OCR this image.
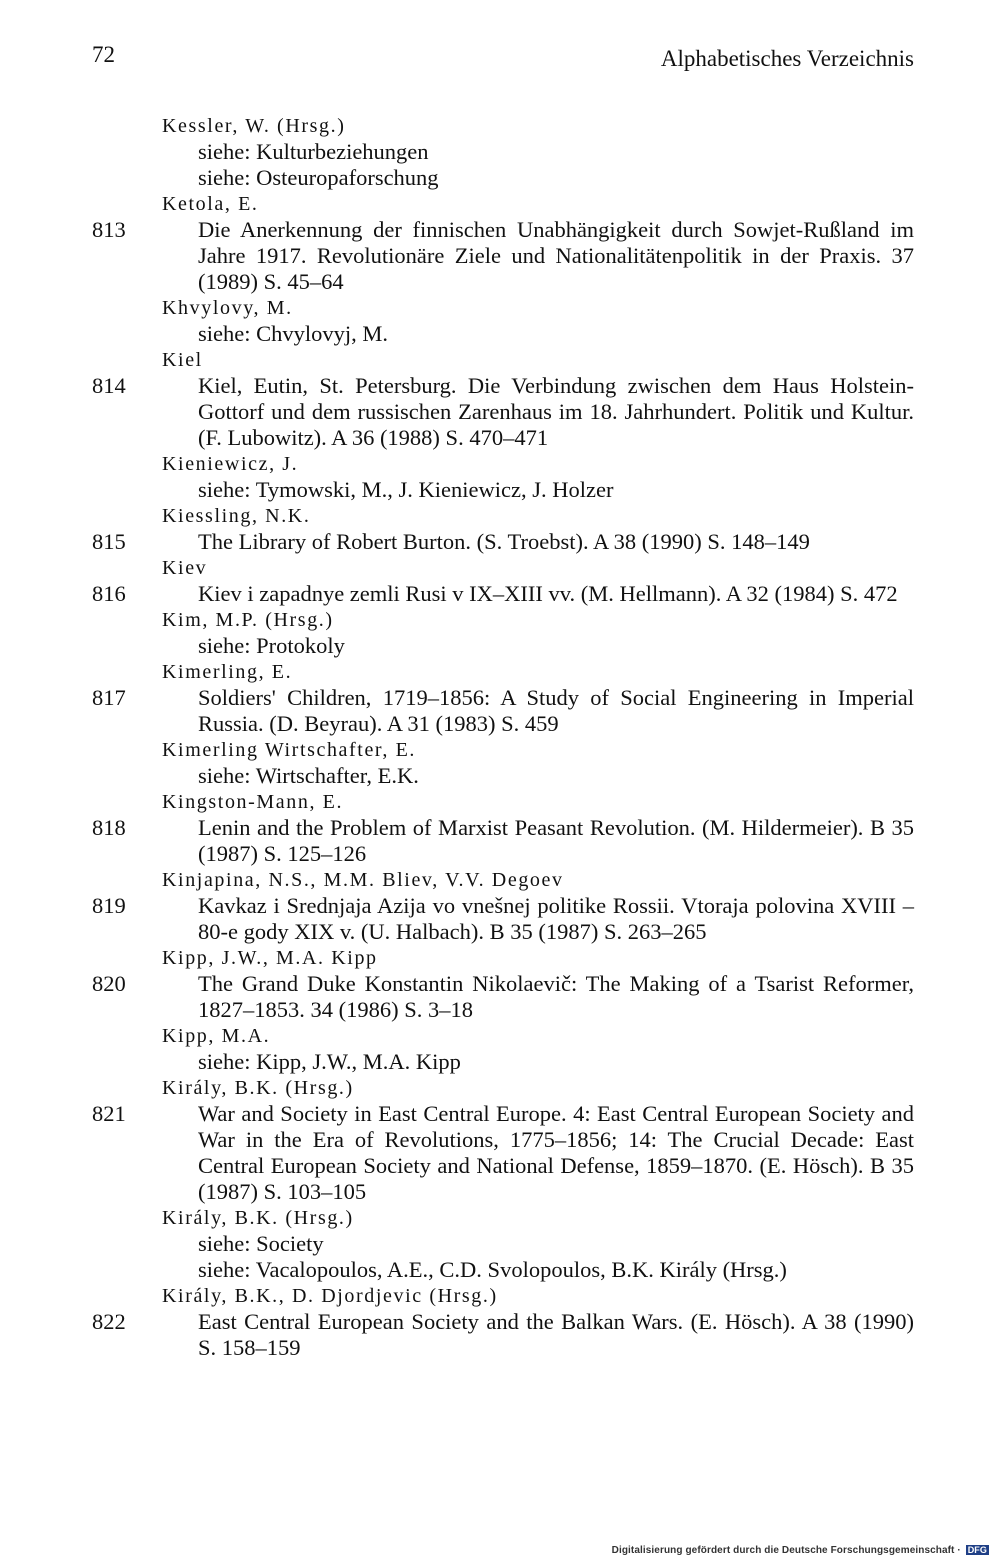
72	Alphabetisches Verzeichnis
Kessler, W. (Hrsg.)
siehe: Kulturbeziehungen
siehe: Osteuropaforschung
Ketola, E.
813	Die Anerkennung der finnischen Unabhängigkeit durch Sowjet-Rußland im Jahre 1917. Revolutionäre Ziele und Nationalitätenpolitik in der Praxis. 37 (1989) S. 45–64
Khvylovy, M.
siehe: Chvylovyj, M.
Kiel
814	Kiel, Eutin, St. Petersburg. Die Verbindung zwischen dem Haus Holstein-Gottorf und dem russischen Zarenhaus im 18. Jahrhundert. Politik und Kultur. (F. Lubowitz). A 36 (1988) S. 470–471
Kieniewicz, J.
siehe: Tymowski, M., J. Kieniewicz, J. Holzer
Kiessling, N.K.
815	The Library of Robert Burton. (S. Troebst). A 38 (1990) S. 148–149
Kiev
816	Kiev i zapadnye zemli Rusi v IX–XIII vv. (M. Hellmann). A 32 (1984) S. 472
Kim, M.P. (Hrsg.)
siehe: Protokoly
Kimerling, E.
817	Soldiers' Children, 1719–1856: A Study of Social Engineering in Imperial Russia. (D. Beyrau). A 31 (1983) S. 459
Kimerling Wirtschafter, E.
siehe: Wirtschafter, E.K.
Kingston-Mann, E.
818	Lenin and the Problem of Marxist Peasant Revolution. (M. Hildermeier). B 35 (1987) S. 125–126
Kinjapina, N.S., M.M. Bliev, V.V. Degoev
819	Kavkaz i Srednjaja Azija vo vnešnej politike Rossii. Vtoraja polovina XVIII – 80-e gody XIX v. (U. Halbach). B 35 (1987) S. 263–265
Kipp, J.W., M.A. Kipp
820	The Grand Duke Konstantin Nikolaevič: The Making of a Tsarist Reformer, 1827–1853. 34 (1986) S. 3–18
Kipp, M.A.
siehe: Kipp, J.W., M.A. Kipp
Király, B.K. (Hrsg.)
821	War and Society in East Central Europe. 4: East Central European Society and War in the Era of Revolutions, 1775–1856; 14: The Crucial Decade: East Central European Society and National Defense, 1859–1870. (E. Hösch). B 35 (1987) S. 103–105
Király, B.K. (Hrsg.)
siehe: Society
siehe: Vacalopoulos, A.E., C.D. Svolopoulos, B.K. Király (Hrsg.)
Király, B.K., D. Djordjevic (Hrsg.)
822	East Central European Society and the Balkan Wars. (E. Hösch). A 38 (1990) S. 158–159
Digitalisierung gefördert durch die Deutsche Forschungsgemeinschaft · DFG
